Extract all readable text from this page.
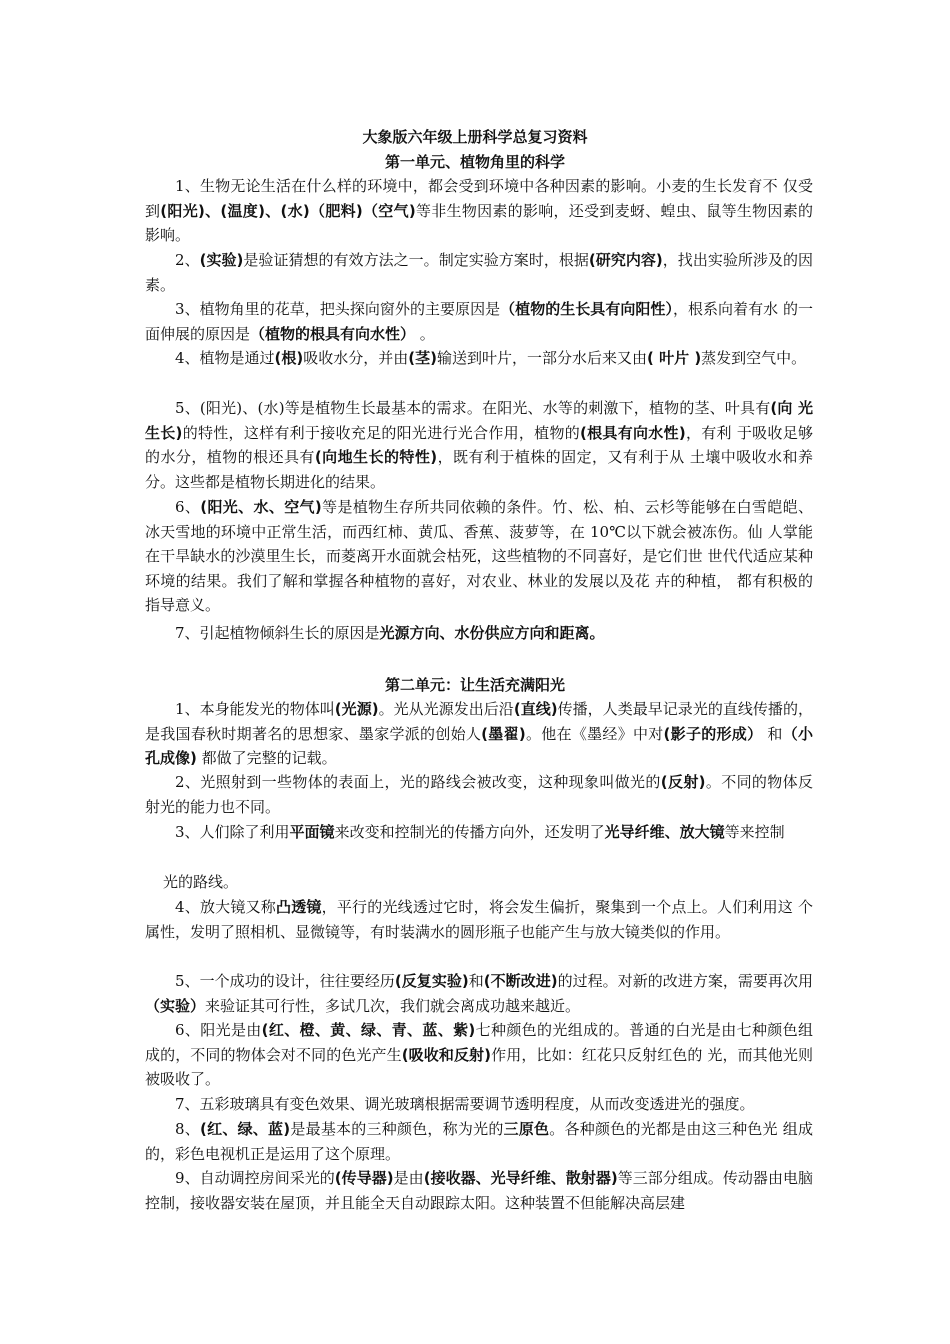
大象版六年级上册科学总复习资料
第一单元、植物角里的科学
1、生物无论生活在什么样的环境中，都会受到环境中各种因素的影响。小麦的生长发育不 仅受到(阳光)、(温度)、(水)（肥料)（空气)等非生物因素的影响，还受到麦蚜、蝗虫、鼠等生物因素的影响。
2、(实验)是验证猜想的有效方法之一。制定实验方案时，根据(研究内容)，找出实验所涉及的因素。
3、植物角里的花草，把头探向窗外的主要原因是（植物的生长具有向阳性），根系向着有水 的一面伸展的原因是（植物的根具有向水性） 。
4、植物是通过(根)吸收水分，并由(茎)输送到叶片，一部分水后来又由( 叶片 )蒸发到空气中。
5、(阳光)、(水)等是植物生长最基本的需求。在阳光、水等的刺激下，植物的茎、叶具有(向 光生长)的特性，这样有利于接收充足的阳光进行光合作用，植物的(根具有向水性)，有利 于吸收足够的水分，植物的根还具有(向地生长的特性)，既有利于植株的固定，又有利于从 土壤中吸收水和养分。这些都是植物长期进化的结果。
6、(阳光、水、空气)等是植物生存所共同依赖的条件。竹、松、柏、云杉等能够在白雪皑皑、冰天雪地的环境中正常生活，而西红柿、黄瓜、香蕉、菠萝等，在 10℃以下就会被冻伤。仙 人掌能在干旱缺水的沙漠里生长，而菱离开水面就会枯死，这些植物的不同喜好，是它们世 世代代适应某种环境的结果。我们了解和掌握各种植物的喜好，对农业、林业的发展以及花 卉的种植， 都有积极的指导意义。
7、引起植物倾斜生长的原因是光源方向、水份供应方向和距离。
第二单元：让生活充满阳光
1、本身能发光的物体叫(光源)。光从光源发出后沿(直线)传播，人类最早记录光的直线传播的，是我国春秋时期著名的思想家、墨家学派的创始人(墨翟)。他在《墨经》中对(影子的形成） 和（小孔成像) 都做了完整的记载。
2、光照射到一些物体的表面上，光的路线会被改变，这种现象叫做光的(反射)。不同的物体反射光的能力也不同。
3、人们除了利用平面镜来改变和控制光的传播方向外，还发明了光导纤维、放大镜等来控制
光的路线。
4、放大镜又称凸透镜，平行的光线透过它时，将会发生偏折，聚集到一个点上。人们利用这 个属性，发明了照相机、显微镜等，有时装满水的圆形瓶子也能产生与放大镜类似的作用。
5、一个成功的设计，往往要经历(反复实验)和(不断改进)的过程。对新的改进方案，需要再次用（实验）来验证其可行性，多试几次，我们就会离成功越来越近。
6、阳光是由(红、橙、黄、绿、青、蓝、紫)七种颜色的光组成的。普通的白光是由七种颜色组成的，不同的物体会对不同的色光产生(吸收和反射)作用，比如：红花只反射红色的 光，而其他光则被吸收了。
7、五彩玻璃具有变色效果、调光玻璃根据需要调节透明程度，从而改变透进光的强度。
8、(红、绿、蓝)是最基本的三种颜色，称为光的三原色。各种颜色的光都是由这三种色光 组成的，彩色电视机正是运用了这个原理。
9、自动调控房间采光的(传导器)是由(接收器、光导纤维、散射器)等三部分组成。传动器由电脑控制，接收器安装在屋顶，并且能全天自动跟踪太阳。这种装置不但能解决高层建
